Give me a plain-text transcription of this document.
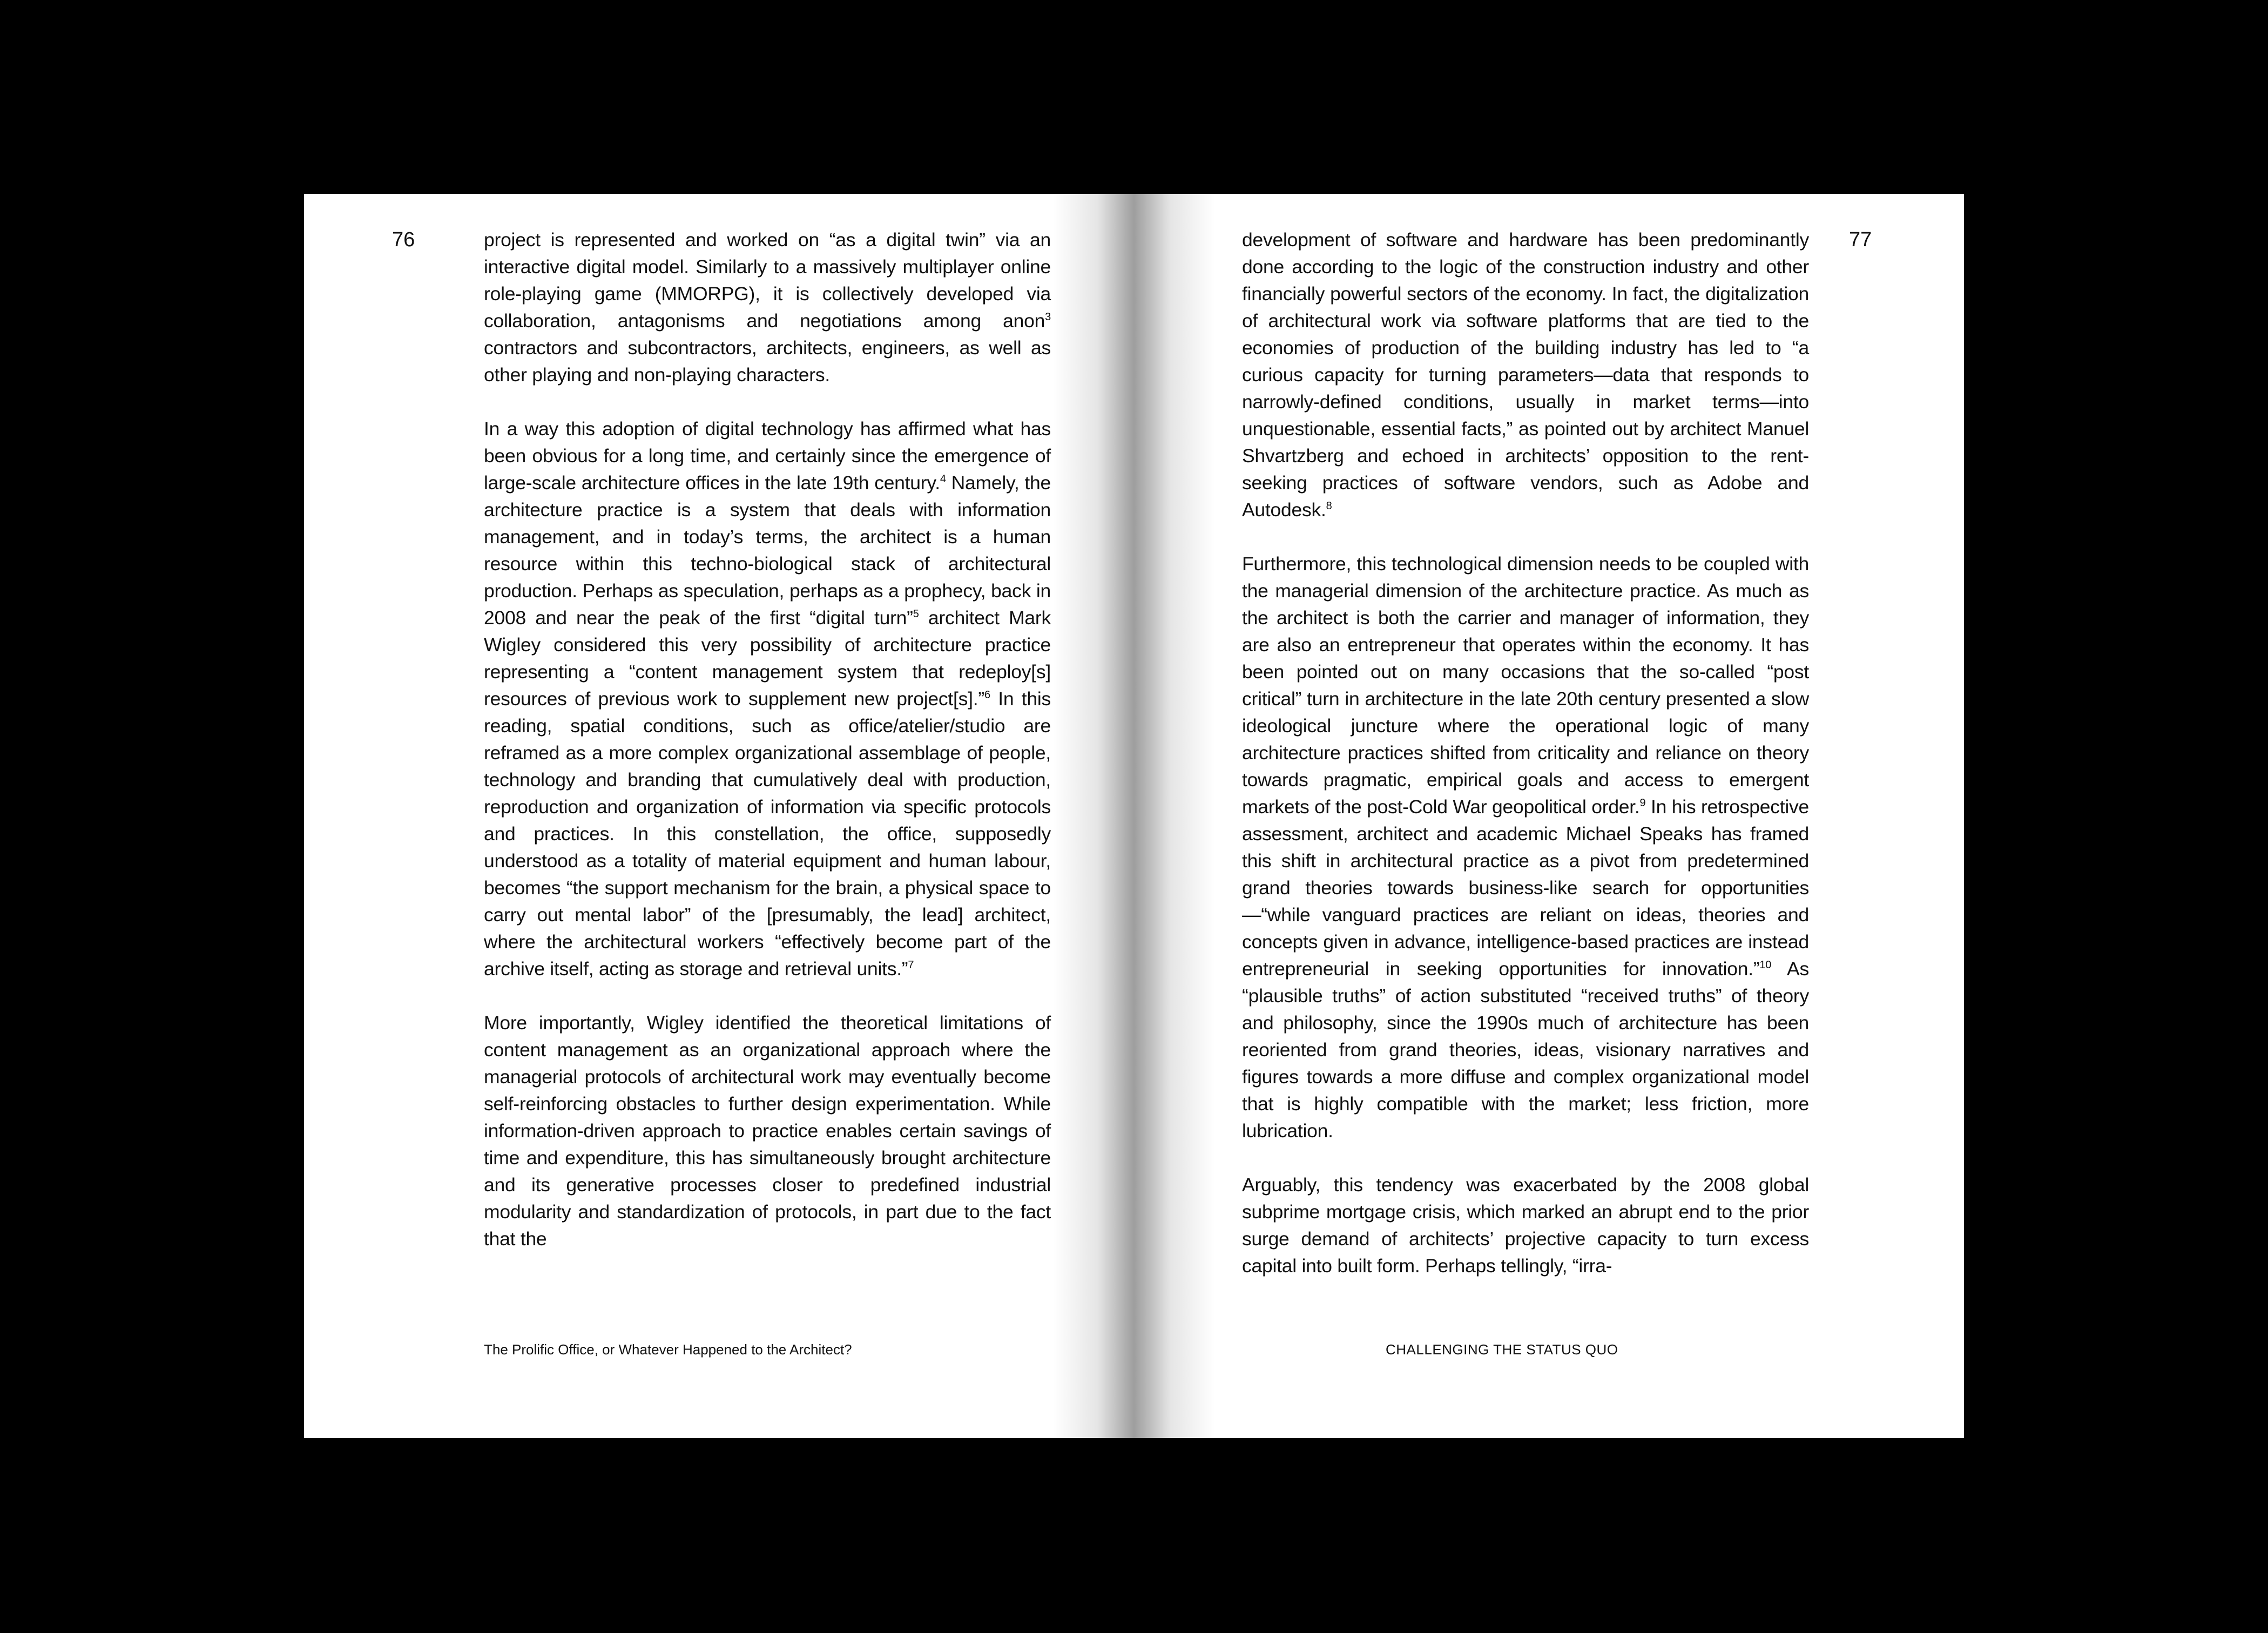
76	project is represented and worked on “as a digital twin” via an interactive digital model. Similarly to a massively multiplayer online role-playing game (MMORPG), it is collectively developed via collaboration, antagonisms and negotiations among anon$^3$ contractors and subcontractors, architects, engineers, as well as other playing and non-playing characters.

In a way this adoption of digital technology has affirmed what has been obvious for a long time, and certainly since the emergence of large-scale architecture offices in the late 19th century.$^4$ Namely, the architecture practice is a system that deals with information management, and in today’s terms, the architect is a human resource within this techno-biological stack of architectural production. Perhaps as speculation, perhaps as a prophecy, back in 2008 and near the peak of the first “digital turn”$^5$ architect Mark Wigley considered this very possibility of architecture practice representing a “content management system that redeploy[s] resources of previous work to supplement new project[s].”$^6$ In this reading, spatial conditions, such as office/atelier/studio are reframed as a more complex organizational assemblage of people, technology and branding that cumulatively deal with production, reproduction and organization of information via specific protocols and practices. In this constellation, the office, supposedly understood as a totality of material equipment and human labour, becomes “the support mechanism for the brain, a physical space to carry out mental labor” of the [presumably, the lead] architect, where the architectural workers “effectively become part of the archive itself, acting as storage and retrieval units.”$^7$

More importantly, Wigley identified the theoretical limitations of content management as an organizational approach where the managerial protocols of architectural work may eventually become self-reinforcing obstacles to further design experimentation. While information-driven approach to practice enables certain savings of time and expenditure, this has simultaneously brought architecture and its generative processes closer to predefined industrial modularity and standardization of protocols, in part due to the fact that the

The Prolific Office, or Whatever Happened to the Architect?
77

development of software and hardware has been predominantly done according to the logic of the construction industry and other financially powerful sectors of the economy. In fact, the digitalization of architectural work via software platforms that are tied to the economies of production of the building industry has led to “a curious capacity for turning parameters—data that responds to narrowly-defined conditions, usually in market terms—into unquestionable, essential facts,” as pointed out by architect Manuel Shvartzberg and echoed in architects’ opposition to the rent-seeking practices of software vendors, such as Adobe and Autodesk.$^8$

Furthermore, this technological dimension needs to be coupled with the managerial dimension of the architecture practice. As much as the architect is both the carrier and manager of information, they are also an entrepreneur that operates within the economy. It has been pointed out on many occasions that the so-called “post critical” turn in architecture in the late 20th century presented a slow ideological juncture where the operational logic of many architecture practices shifted from criticality and reliance on theory towards pragmatic, empirical goals and access to emergent markets of the post-Cold War geopolitical order.$^9$ In his retrospective assessment, architect and academic Michael Speaks has framed this shift in architectural practice as a pivot from predetermined grand theories towards business-like search for opportunities—“while vanguard practices are reliant on ideas, theories and concepts given in advance, intelligence-based practices are instead entrepreneurial in seeking opportunities for innovation.”$^{10}$ As “plausible truths” of action substituted “received truths” of theory and philosophy, since the 1990s much of architecture has been reoriented from grand theories, ideas, visionary narratives and figures towards a more diffuse and complex organizational model that is highly compatible with the market; less friction, more lubrication.

Arguably, this tendency was exacerbated by the 2008 global subprime mortgage crisis, which marked an abrupt end to the prior surge demand of architects’ projective capacity to turn excess capital into built form. Perhaps tellingly, “irra-

CHALLENGING THE STATUS QUO
